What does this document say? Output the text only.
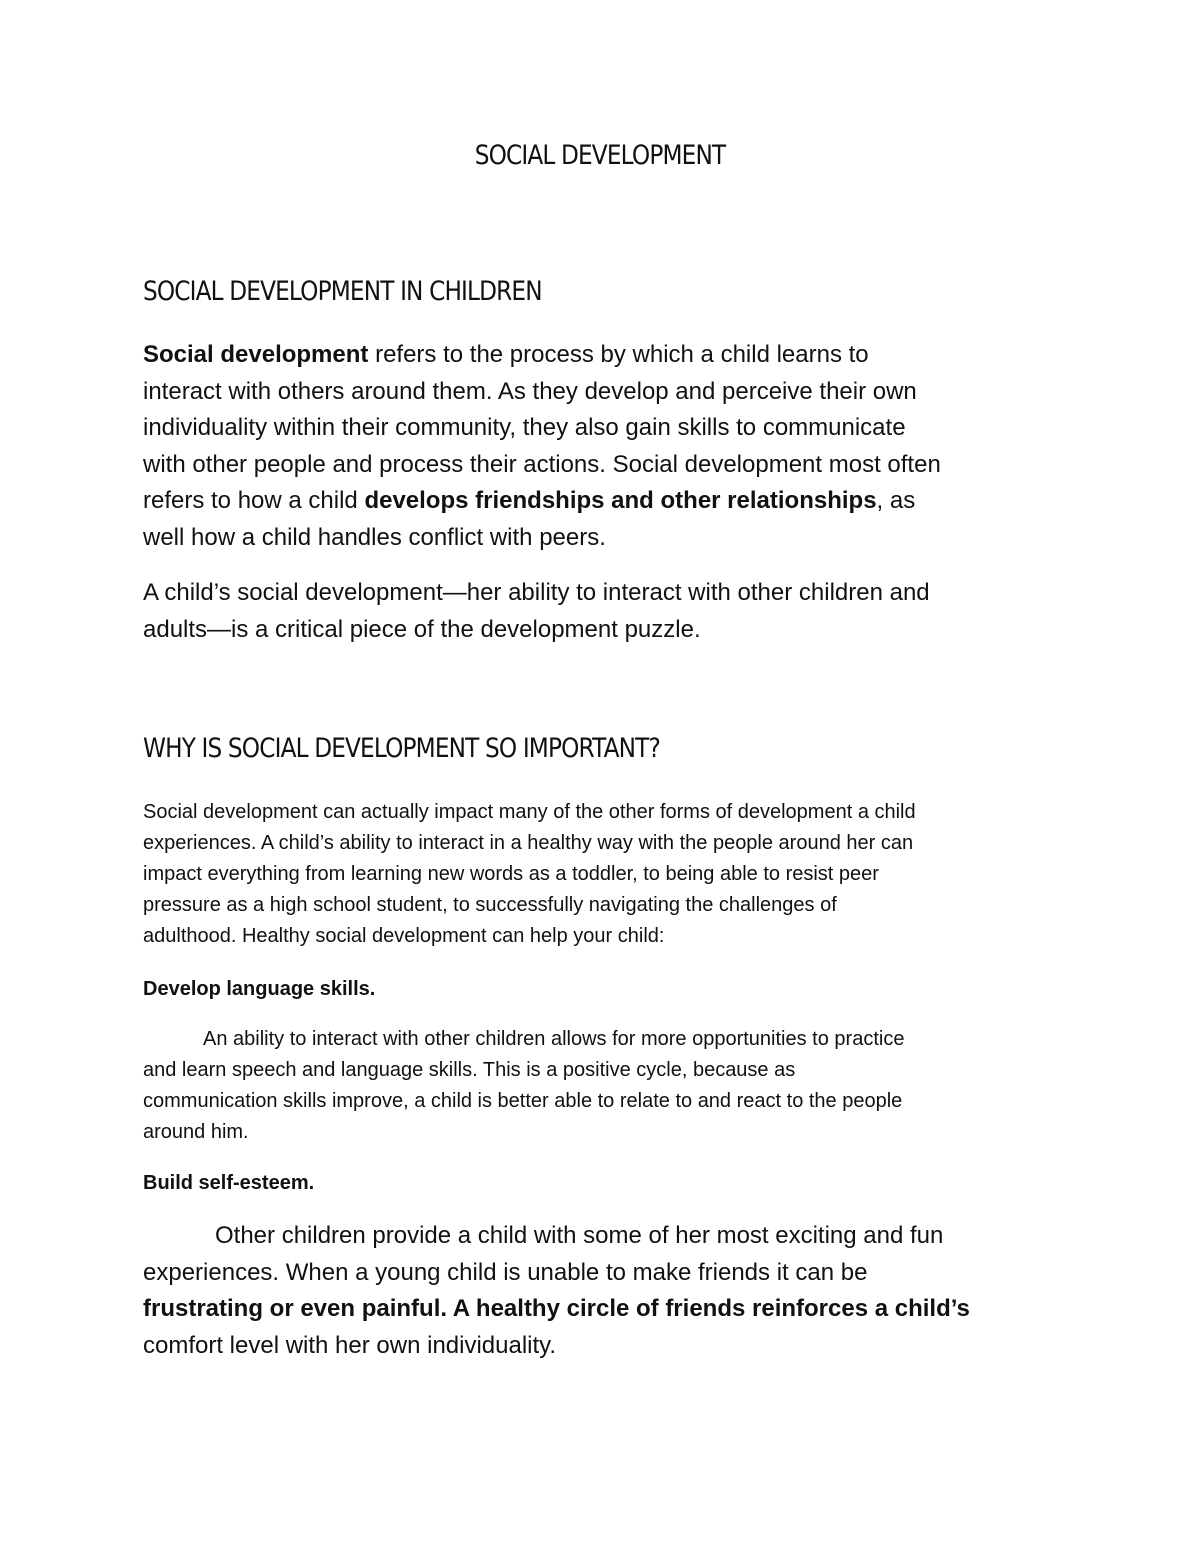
SOCIAL DEVELOPMENT
SOCIAL DEVELOPMENT IN CHILDREN

Social development refers to the process by which a child learns to
interact with others around them. As they develop and perceive their own
individuality within their community, they also gain skills to communicate
with other people and process their actions. Social development most often
refers to how a child develops friendships and other relationships, as
well how a child handles conflict with peers.

A child’s social development—her ability to interact with other children and
adults—is a critical piece of the development puzzle.

WHY IS SOCIAL DEVELOPMENT SO IMPORTANT?

Social development can actually impact many of the other forms of development a child
experiences. A child’s ability to interact in a healthy way with the people around her can
impact everything from learning new words as a toddler, to being able to resist peer
pressure as a high school student, to successfully navigating the challenges of
adulthood. Healthy social development can help your child:

Develop language skills.

An ability to interact with other children allows for more opportunities to practice
and learn speech and language skills. This is a positive cycle, because as
communication skills improve, a child is better able to relate to and react to the people
around him.

Build self-esteem.

Other children provide a child with some of her most exciting and fun
experiences. When a young child is unable to make friends it can be
frustrating or even painful. A healthy circle of friends reinforces a child’s
comfort level with her own individuality.
